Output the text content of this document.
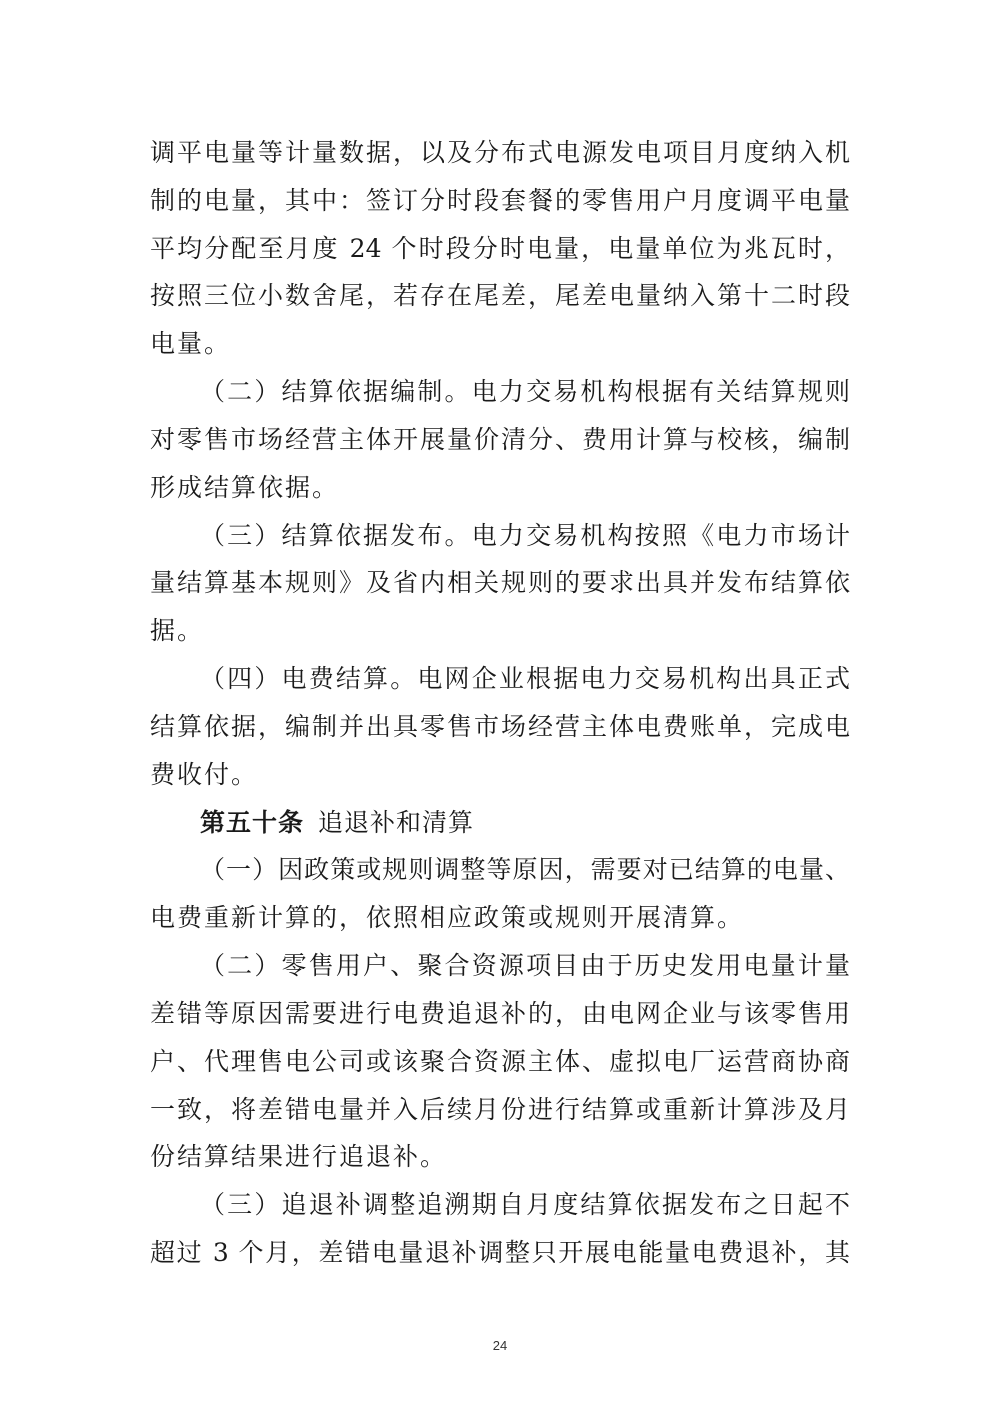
调平电量等计量数据，以及分布式电源发电项目月度纳入机
制的电量，其中：签订分时段套餐的零售用户月度调平电量
平均分配至月度 24 个时段分时电量，电量单位为兆瓦时，
按照三位小数舍尾，若存在尾差，尾差电量纳入第十二时段
电量。
（二）结算依据编制。电力交易机构根据有关结算规则
对零售市场经营主体开展量价清分、费用计算与校核，编制
形成结算依据。
（三）结算依据发布。电力交易机构按照《电力市场计
量结算基本规则》及省内相关规则的要求出具并发布结算依
据。
（四）电费结算。电网企业根据电力交易机构出具正式
结算依据，编制并出具零售市场经营主体电费账单，完成电
费收付。
第五十条 追退补和清算
（一）因政策或规则调整等原因，需要对已结算的电量、
电费重新计算的，依照相应政策或规则开展清算。
（二）零售用户、聚合资源项目由于历史发用电量计量
差错等原因需要进行电费追退补的，由电网企业与该零售用
户、代理售电公司或该聚合资源主体、虚拟电厂运营商协商
一致，将差错电量并入后续月份进行结算或重新计算涉及月
份结算结果进行追退补。
（三）追退补调整追溯期自月度结算依据发布之日起不
超过 3 个月，差错电量退补调整只开展电能量电费退补，其
24
